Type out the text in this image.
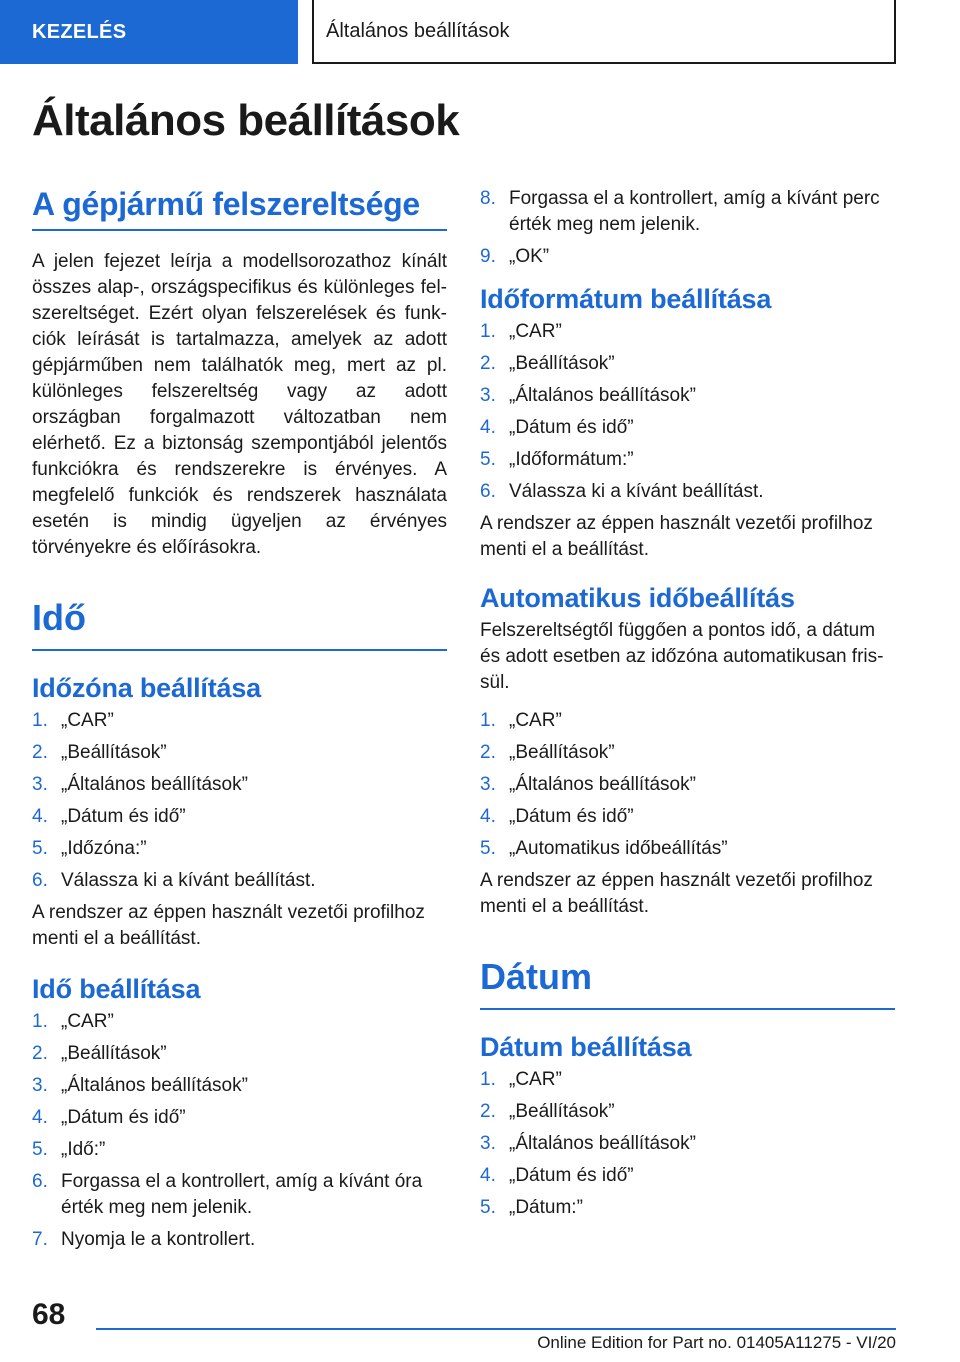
KEZELÉS	Általános beállítások
Általános beállítások
A gépjármű felszereltsége

A jelen fejezet leírja a modellsorozathoz kínált összes alap-, országspecifikus és különleges felszereltséget. Ezért olyan felszerelések és funkciók leírását is tartalmazza, amelyek az adott gépjárműben nem találhatók meg, mert az pl. különleges felszereltség vagy az adott országban forgalmazott változatban nem elérhető. Ez a biztonság szempontjából jelentős funkciókra és rendszerekre is érvényes. A megfelelő funkciók és rendszerek használata esetén is mindig ügyeljen az érvényes törvényekre és előírásokra.

Idő
Időzóna beállítása
1. „CAR”
2. „Beállítások”
3. „Általános beállítások”
4. „Dátum és idő”
5. „Időzóna:”
6. Válassza ki a kívánt beállítást.

A rendszer az éppen használt vezetői profilhoz menti el a beállítást.

Idő beállítása
1. „CAR”
2. „Beállítások”
3. „Általános beállítások”
4. „Dátum és idő”
5. „Idő:”
6. Forgassa el a kontrollert, amíg a kívánt óra érték meg nem jelenik.
7. Nyomja le a kontrollert.
8. Forgassa el a kontrollert, amíg a kívánt perc érték meg nem jelenik.
9. „OK”
Időformátum beállítása
1. „CAR”
2. „Beállítások”
3. „Általános beállítások”
4. „Dátum és idő”
5. „Időformátum:”
6. Válassza ki a kívánt beállítást.

A rendszer az éppen használt vezetői profilhoz menti el a beállítást.

Automatikus időbeállítás

Felszereltségtől függően a pontos idő, a dátum és adott esetben az időzóna automatikusan frissül.

1. „CAR”
2. „Beállítások”
3. „Általános beállítások”
4. „Dátum és idő”
5. „Automatikus időbeállítás”

A rendszer az éppen használt vezetői profilhoz menti el a beállítást.

Dátum
Dátum beállítása
1. „CAR”
2. „Beállítások”
3. „Általános beállítások”
4. „Dátum és idő”
5. „Dátum:”
68
Online Edition for Part no. 01405A11275 - VI/20
